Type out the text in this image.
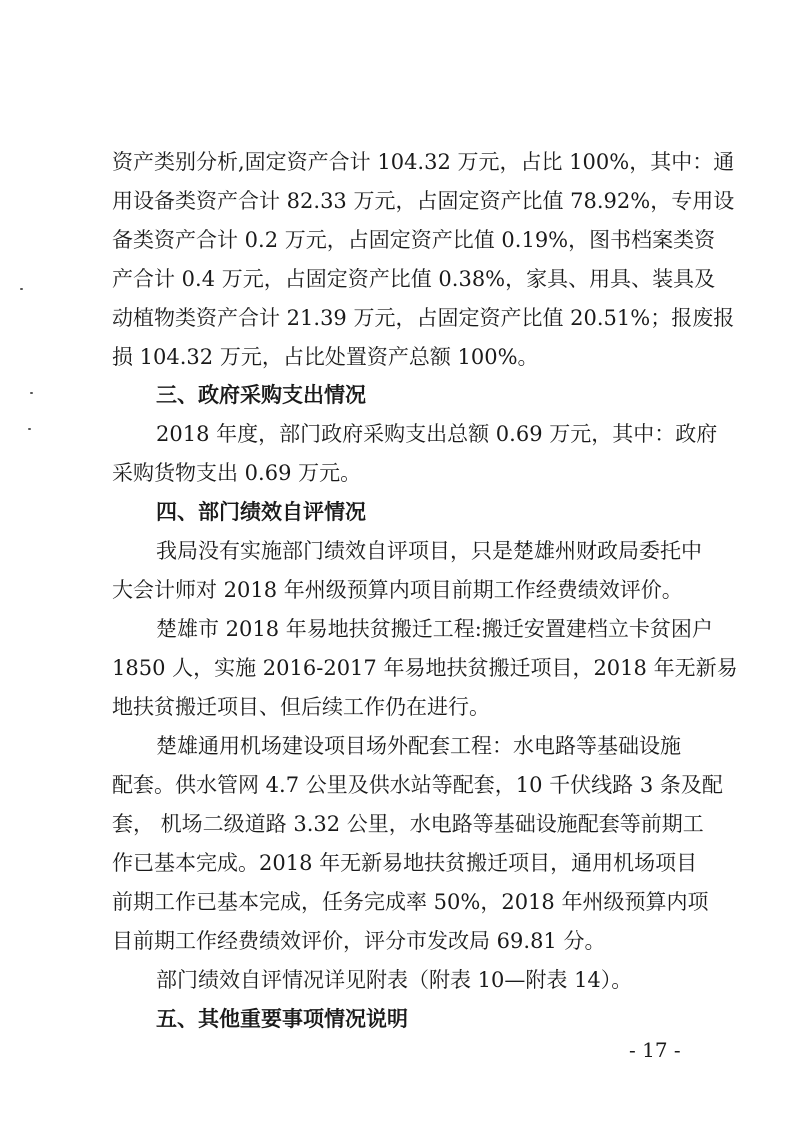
资产类别分析,固定资产合计 104.32 万元，占比 100%，其中：通
用设备类资产合计 82.33 万元，占固定资产比值 78.92%，专用设
备类资产合计 0.2 万元，占固定资产比值 0.19%，图书档案类资
产合计 0.4 万元，占固定资产比值 0.38%，家具、用具、装具及
动植物类资产合计 21.39 万元，占固定资产比值 20.51%；报废报
损 104.32 万元，占比处置资产总额 100%。
三、政府采购支出情况
2018 年度，部门政府采购支出总额 0.69 万元，其中：政府
采购货物支出 0.69 万元。
四、部门绩效自评情况
我局没有实施部门绩效自评项目，只是楚雄州财政局委托中
大会计师对 2018 年州级预算内项目前期工作经费绩效评价。
楚雄市 2018 年易地扶贫搬迁工程:搬迁安置建档立卡贫困户
1850 人，实施 2016-2017 年易地扶贫搬迁项目，2018 年无新易
地扶贫搬迁项目、但后续工作仍在进行。
楚雄通用机场建设项目场外配套工程：水电路等基础设施
配套。供水管网 4.7 公里及供水站等配套，10 千伏线路 3 条及配
套， 机场二级道路 3.32 公里，水电路等基础设施配套等前期工
作已基本完成。2018 年无新易地扶贫搬迁项目，通用机场项目
前期工作已基本完成，任务完成率 50%，2018 年州级预算内项
目前期工作经费绩效评价，评分市发改局 69.81 分。
部门绩效自评情况详见附表（附表 10—附表 14）。
五、其他重要事项情况说明
- 17 -
